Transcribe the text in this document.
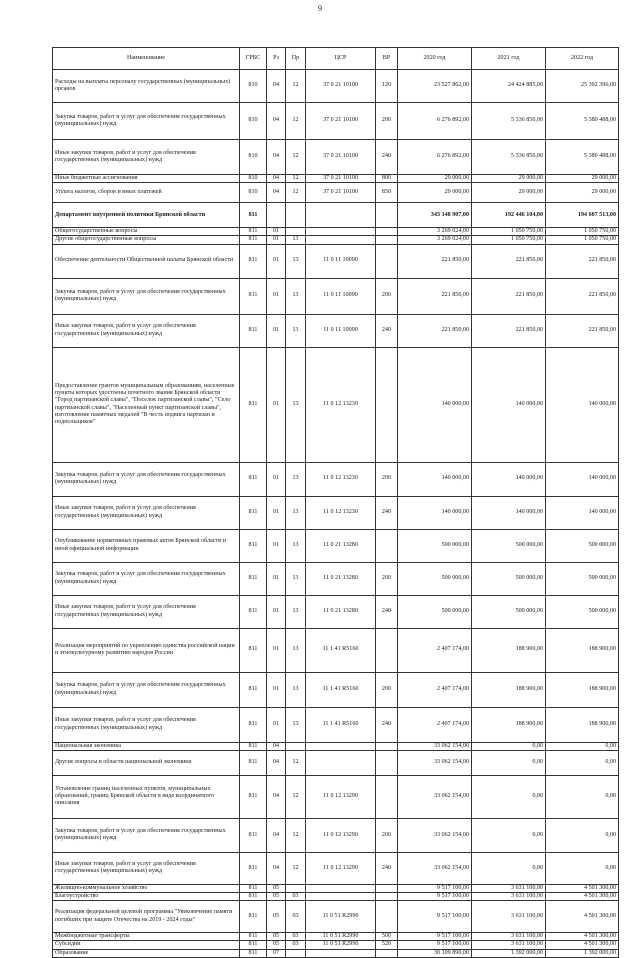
9
Наименование	ГРБС	Рз	Пр	ЦСР	ВР	2020 год	2021 год	2022 год
Расходы на выплаты персоналу государственных (муниципальных) органов	810	04	12	37 0 21 10100	120	23 527 862,00	24 424 885,00	25 392 396,00
Закупка товаров, работ и услуг для обеспечения государственных (муниципальных) нужд	810	04	12	37 0 21 10100	200	6 276 892,00	5 336 850,00	5 380 488,00
Иные закупки товаров, работ и услуг для обеспечения государственных (муниципальных) нужд	810	04	12	37 0 21 10100	240	6 276 892,00	5 336 850,00	5 380 488,00
Иные бюджетные ассигнования	810	04	12	37 0 21 10100	800	29 000,00	29 000,00	29 000,00
Уплата налогов, сборов и иных платежей	810	04	12	37 0 21 10100	850	29 000,00	29 000,00	29 000,00
Департамент внутренней политики Брянской области	811					343 148 907,00	192 446 104,00	194 607 513,00
Общегосударственные вопросы	811	01				3 269 024,00	1 050 750,00	1 050 750,00
Другие общегосударственные вопросы	811	01	13			3 269 024,00	1 050 750,00	1 050 750,00
Обеспечение деятельности Общественной палаты Брянской области	811	01	13	11 0 11 10090		221 850,00	221 850,00	221 850,00
Закупка товаров, работ и услуг для обеспечения государственных (муниципальных) нужд	811	01	13	11 0 11 10090	200	221 850,00	221 850,00	221 850,00
Иные закупки товаров, работ и услуг для обеспечения государственных (муниципальных) нужд	811	01	13	11 0 11 10090	240	221 850,00	221 850,00	221 850,00
Предоставление грантов муниципальным образованиям, населенные пункты которых удостоены почетного звания Брянской области "Город партизанской славы", "Поселок партизанской славы", "Село партизанской славы", "Населенный пункт партизанской славы", изготовление памятных медалей "В честь подвига партизан и подпольщиков"	811	01	13	11 0 12 13230		140 000,00	140 000,00	140 000,00
Закупка товаров, работ и услуг для обеспечения государственных (муниципальных) нужд	811	01	13	11 0 12 13230	200	140 000,00	140 000,00	140 000,00
Иные закупки товаров, работ и услуг для обеспечения государственных (муниципальных) нужд	811	01	13	11 0 12 13230	240	140 000,00	140 000,00	140 000,00
Опубликование нормативных правовых актов Брянской области и иной официальной информации	811	01	13	11 0 21 13280		500 000,00	500 000,00	500 000,00
Закупка товаров, работ и услуг для обеспечения государственных (муниципальных) нужд	811	01	13	11 0 21 13280	200	500 000,00	500 000,00	500 000,00
Иные закупки товаров, работ и услуг для обеспечения государственных (муниципальных) нужд	811	01	13	11 0 21 13280	240	500 000,00	500 000,00	500 000,00
Реализация мероприятий по укреплению единства российской нации и этнокультурному развитию народов России	811	01	13	11 1 41 R5160		2 407 174,00	188 900,00	188 900,00
Закупка товаров, работ и услуг для обеспечения государственных (муниципальных) нужд	811	01	13	11 1 41 R5160	200	2 407 174,00	188 900,00	188 900,00
Иные закупки товаров, работ и услуг для обеспечения государственных (муниципальных) нужд	811	01	13	11 1 41 R5160	240	2 407 174,00	188 900,00	188 900,00
Национальная экономика	811	04				33 062 154,00	0,00	0,00
Другие вопросы в области национальной экономики	811	04	12			33 062 154,00	0,00	0,00
Установление границ населенных пунктов, муниципальных образований, границ Брянской области в виде координатного описания	811	04	12	11 0 12 13290		33 062 154,00	0,00	0,00
Закупка товаров, работ и услуг для обеспечения государственных (муниципальных) нужд	811	04	12	11 0 12 13290	200	33 062 154,00	0,00	0,00
Иные закупки товаров, работ и услуг для обеспечения государственных (муниципальных) нужд	811	04	12	11 0 12 13290	240	33 062 154,00	0,00	0,00
Жилищно-коммунальное хозяйство	811	05				9 517 100,00	3 631 100,00	4 501 300,00
Благоустройство	811	05	03			9 517 100,00	3 631 100,00	4 501 300,00
Реализация федеральной целевой программы "Увековечение памяти погибших при защите Отечества на 2019 - 2024 годы"	811	05	03	11 0 51 R2990		9 517 100,00	3 631 100,00	4 501 300,00
Межбюджетные трансферты	811	05	03	11 0 51 R2990	500	9 517 100,00	3 631 100,00	4 501 300,00
Субсидии	811	05	03	11 0 51 R2990	520	9 517 100,00	3 631 100,00	4 501 300,00
Образование	811	07				30 109 890,00	1 392 000,00	1 392 000,00
